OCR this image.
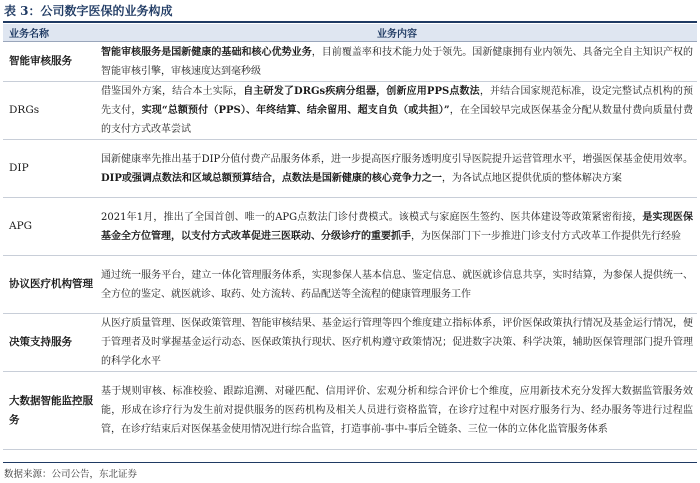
表 3：公司数字医保的业务构成
业务名称	业务内容
智能审核服务	智能审核服务是国新健康的基础和核心优势业务，目前覆盖率和技术能力处于领先。国新健康拥有业内领先、具备完全自主知识产权的智能审核引擎，审核速度达到毫秒级
DRGs	借鉴国外方案，结合本土实际，自主研发了DRGs疾病分组器，创新应用PPS点数法，并结合国家规范标准，设定完整试点机构的预先支付，实现“总额预付（PPS）、年终结算、结余留用、超支自负（或共担）”，在全国较早完成医保基金分配从数量付费向质量付费的支付方式改革尝试
DIP	国新健康率先推出基于DIP分值付费产品服务体系，进一步提高医疗服务透明度引导医院提升运营管理水平，增强医保基金使用效率。DIP或强调点数法和区域总额预算结合，点数法是国新健康的核心竞争力之一，为各试点地区提供优质的整体解决方案
APG	2021年1月，推出了全国首创、唯一的APG点数法门诊付费模式。该模式与家庭医生签约、医共体建设等政策紧密衔接，是实现医保基金全方位管理，以支付方式改革促进三医联动、分级诊疗的重要抓手，为医保部门下一步推进门诊支付方式改革工作提供先行经验
协议医疗机构管理	通过统一服务平台，建立一体化管理服务体系，实现参保人基本信息、鉴定信息、就医就诊信息共享，实时结算，为参保人提供统一、全方位的鉴定、就医就诊、取药、处方流转、药品配送等全流程的健康管理服务工作
决策支持服务	从医疗质量管理、医保政策管理、智能审核结果、基金运行管理等四个维度建立指标体系，评价医保政策执行情况及基金运行情况，便于管理者及时掌握基金运行动态、医保政策执行现状、医疗机构遵守政策情况；促进数字决策、科学决策，辅助医保管理部门提升管理的科学化水平
大数据智能监控服务	基于规则审核、标准校验、跟踪追溯、对碰匹配、信用评价、宏观分析和综合评价七个维度，应用新技术充分发挥大数据监管服务效能，形成在诊疗行为发生前对提供服务的医药机构及相关人员进行资格监管，在诊疗过程中对医疗服务行为、经办服务等进行过程监管，在诊疗结束后对医保基金使用情况进行综合监管，打造事前-事中-事后全链条、三位一体的立体化监管服务体系
数据来源：公司公告，东北证券
